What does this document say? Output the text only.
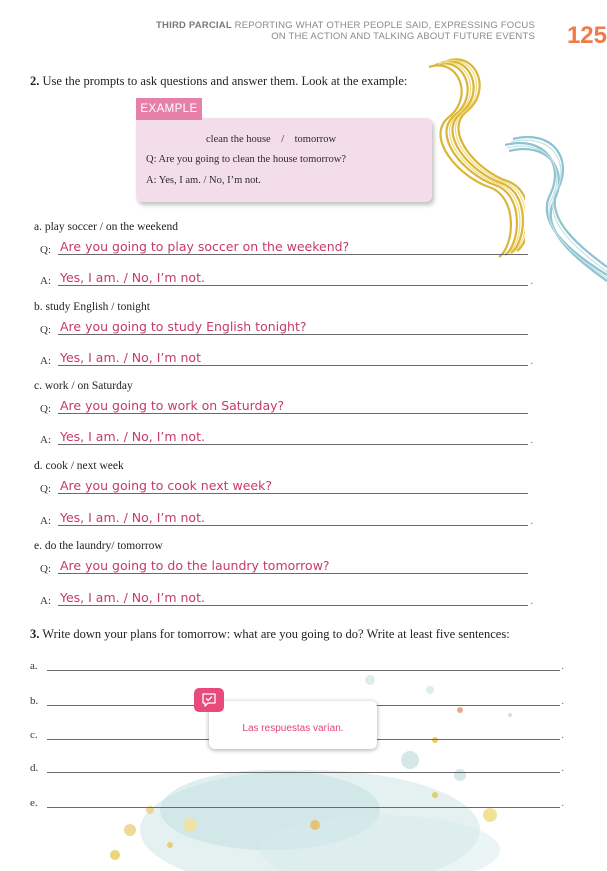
THIRD PARCIAL REPORTING WHAT OTHER PEOPLE SAID, EXPRESSING FOCUS
ON THE ACTION AND TALKING ABOUT FUTURE EVENTS 125
2. Use the prompts to ask questions and answer them. Look at the example:
EXAMPLE
clean the house    /    tomorrow
Q: Are you going to clean the house tomorrow?
A: Yes, I am. / No, I’m not.
a. play soccer / on the weekend
Q: Are you going to play soccer on the weekend?
A: Yes, I am. / No, I’m not.	.
b. study English / tonight
Q: Are you going to study English tonight?
A: Yes, I am. / No, I’m not	.
c. work / on Saturday
Q: Are you going to work on Saturday?
A: Yes, I am. / No, I’m not.	.
d. cook / next week
Q: Are you going to cook next week?
A: Yes, I am. / No, I’m not.	.
e. do the laundry/ tomorrow
Q: Are you going to do the laundry tomorrow?
A: Yes, I am. / No, I’m not.	.
3. Write down your plans for tomorrow: what are you going to do? Write at least five sentences:
a.	.
b.	.
c.	.
d.	.
e.	.
Las respuestas varían.
